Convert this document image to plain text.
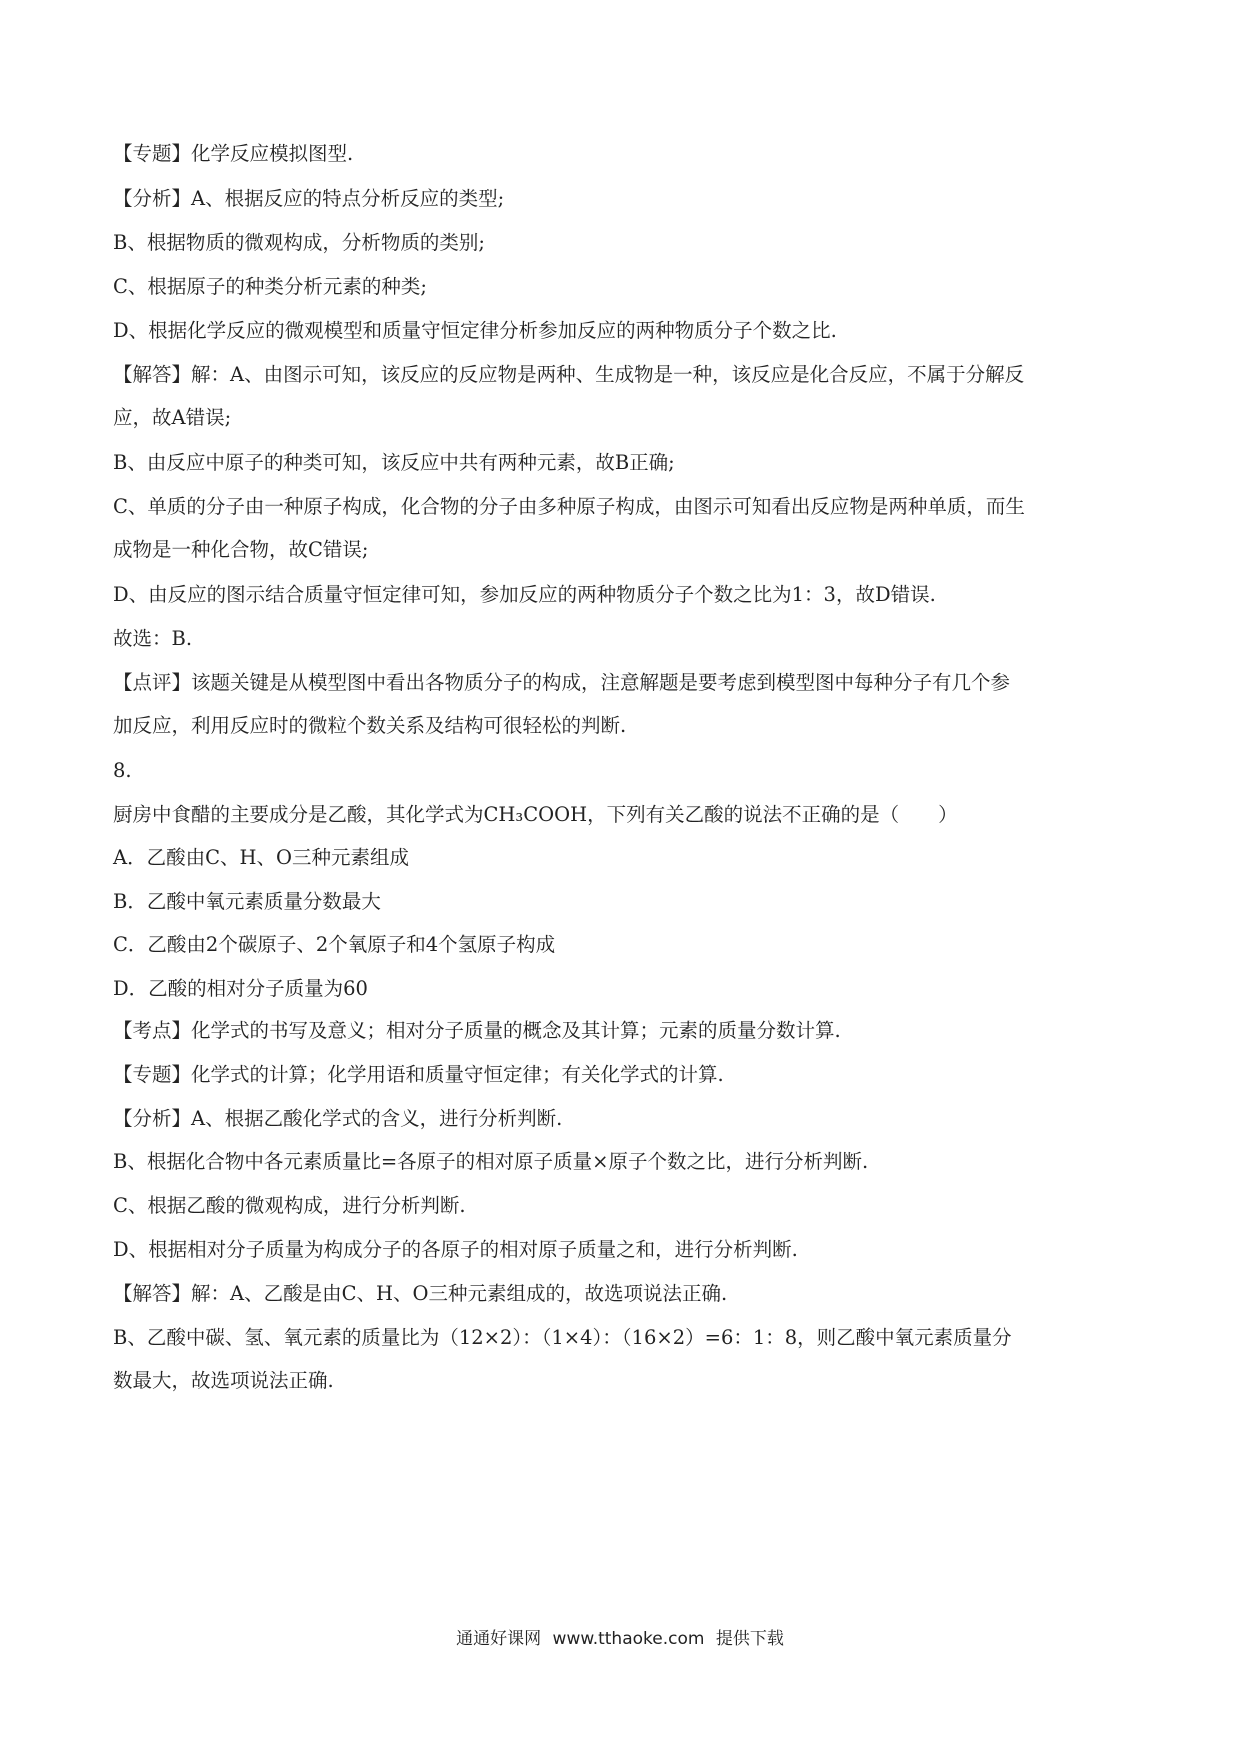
【专题】化学反应模拟图型.
【分析】A、根据反应的特点分析反应的类型;
B、根据物质的微观构成，分析物质的类别;
C、根据原子的种类分析元素的种类;
D、根据化学反应的微观模型和质量守恒定律分析参加反应的两种物质分子个数之比.
【解答】解：A、由图示可知，该反应的反应物是两种、生成物是一种，该反应是化合反应，不属于分解反
应，故A错误;
B、由反应中原子的种类可知，该反应中共有两种元素，故B正确;
C、单质的分子由一种原子构成，化合物的分子由多种原子构成，由图示可知看出反应物是两种单质，而生
成物是一种化合物，故C错误;
D、由反应的图示结合质量守恒定律可知，参加反应的两种物质分子个数之比为1：3，故D错误.
故选：B.
【点评】该题关键是从模型图中看出各物质分子的构成，注意解题是要考虑到模型图中每种分子有几个参
加反应，利用反应时的微粒个数关系及结构可很轻松的判断.
8.
厨房中食醋的主要成分是乙酸，其化学式为CH₃COOH，下列有关乙酸的说法不正确的是（　　）
A．乙酸由C、H、O三种元素组成
B．乙酸中氧元素质量分数最大
C．乙酸由2个碳原子、2个氧原子和4个氢原子构成
D．乙酸的相对分子质量为60
【考点】化学式的书写及意义；相对分子质量的概念及其计算；元素的质量分数计算.
【专题】化学式的计算；化学用语和质量守恒定律；有关化学式的计算.
【分析】A、根据乙酸化学式的含义，进行分析判断.
B、根据化合物中各元素质量比=各原子的相对原子质量×原子个数之比，进行分析判断.
C、根据乙酸的微观构成，进行分析判断.
D、根据相对分子质量为构成分子的各原子的相对原子质量之和，进行分析判断.
【解答】解：A、乙酸是由C、H、O三种元素组成的，故选项说法正确.
B、乙酸中碳、氢、氧元素的质量比为（12×2）：（1×4）：（16×2）=6：1：8，则乙酸中氧元素质量分
数最大，故选项说法正确.
通通好课网 www.tthaoke.com 提供下载
